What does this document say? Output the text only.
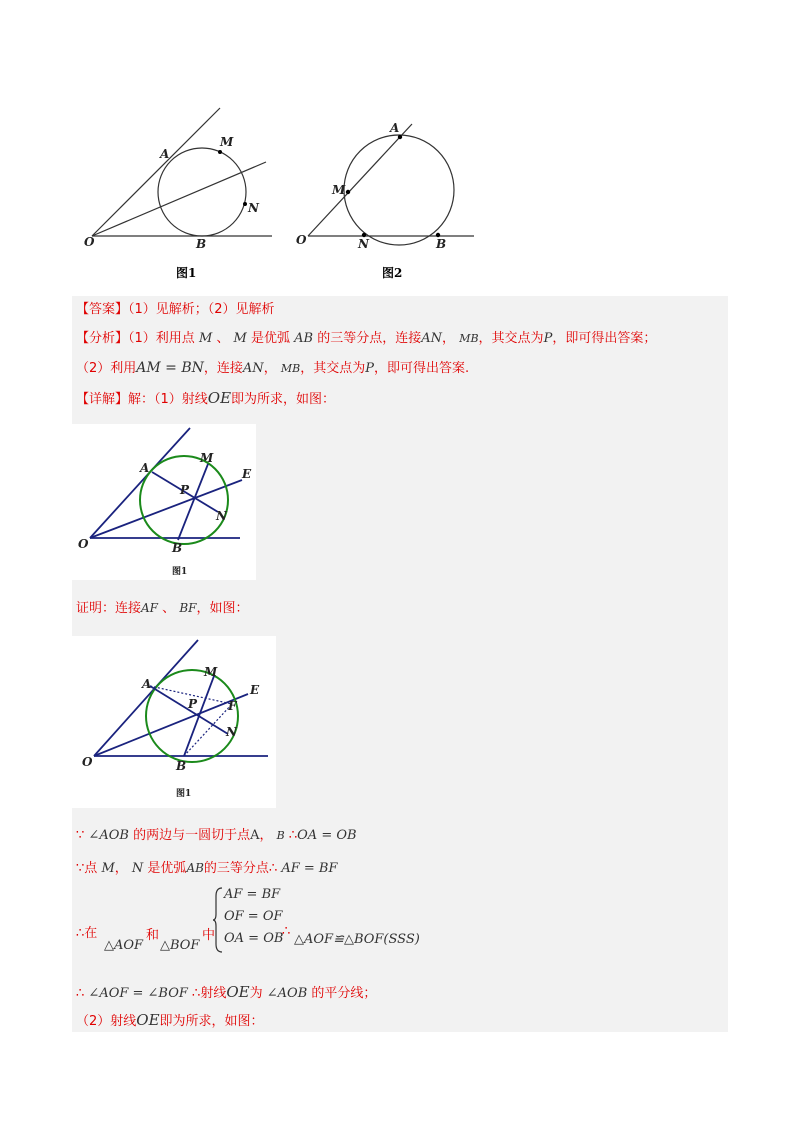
M
A
N
O	B
图1
A
M
N
O	B
图2
【答案】（1）见解析；（2）见解析
【分析】（1）利用点 M 、 M 是优弧 AB 的三等分点，连接AN， MB，其交点为P，即可得出答案；
（2）利用AM = BN，连接AN， MB，其交点为P，即可得出答案.
【详解】解：（1）射线OE即为所求，如图：
A
M
E
P
N
O	B
图1
证明：连接AF 、 BF，如图：
A
M
E
F
P
N
O	B
图1
∵ ∠AOB 的两边与一圆切于点A， B ∴OA = OB
∵点 M， N 是优弧AB的三等分点∴ AF = BF
∴在
△AOF
和
△BOF
中
AF = BF
OF = OF
OA = OB
∴
△AOF≌△BOF(SSS)
∴ ∠AOF = ∠BOF ∴射线OE为 ∠AOB 的平分线；
（2）射线OE即为所求，如图：
